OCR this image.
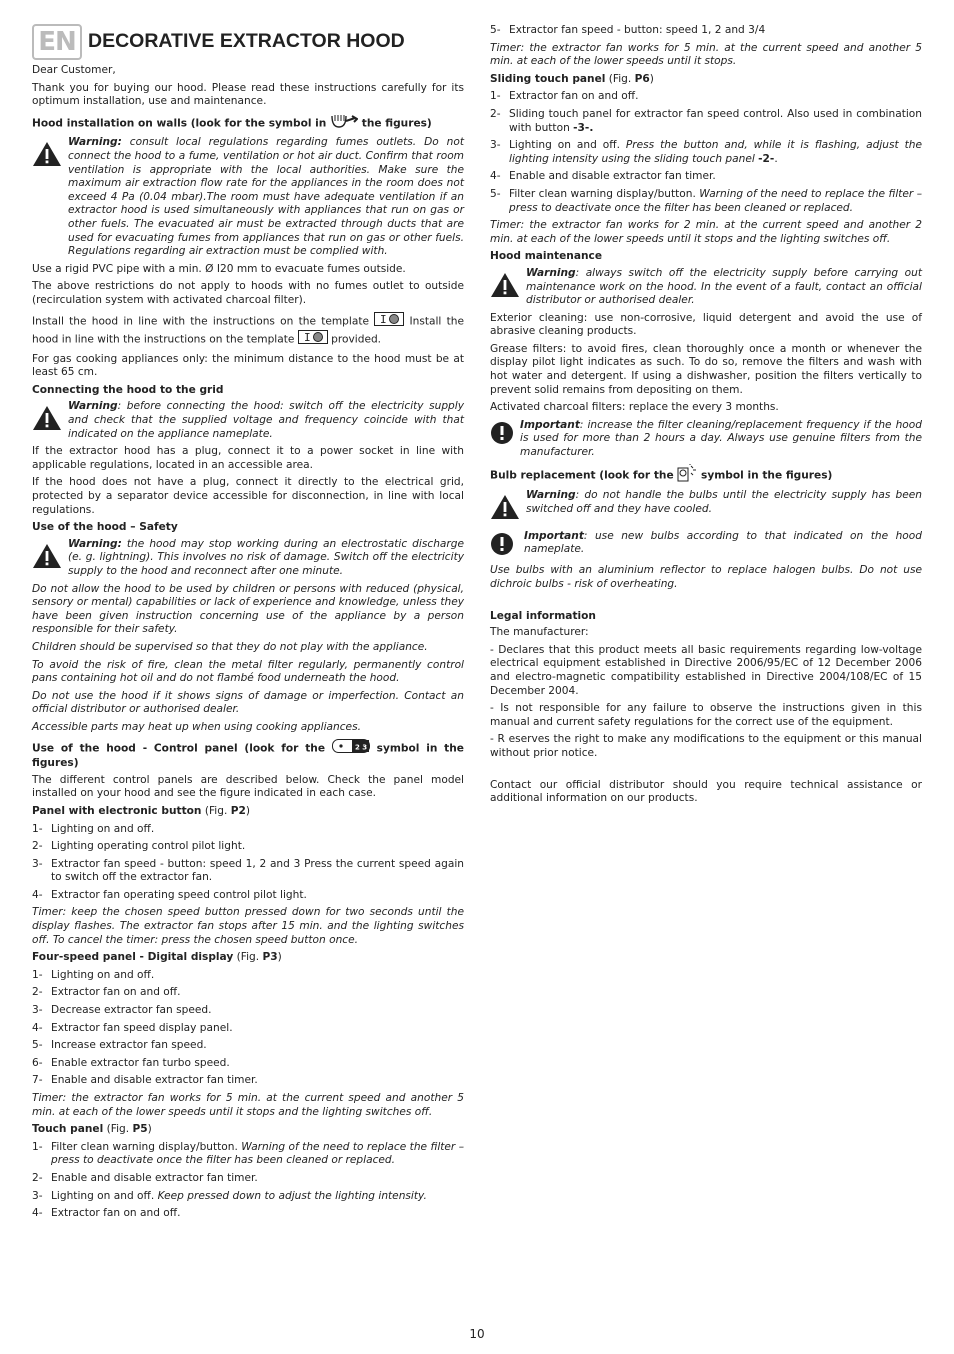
EN DECORATIVE EXTRACTOR HOOD

Dear Customer,

Thank you for buying our hood. Please read these instructions carefully for its optimum installation, use and maintenance.

Hood installation on walls (look for the symbol in	the figures)

Warning: consult local regulations regarding fumes outlets. Do not connect the hood to a fume, ventilation or hot air duct. Confirm that room ventilation is appropriate with the local authorities. Make sure the maximum air extraction flow rate for the appliances in the room does not exceed 4 Pa (0.04 mbar).The room must have adequate ventilation if an extractor hood is used simultaneously with appliances that run on gas or other fuels. The evacuated air must be extracted through ducts that are used for evacuating fumes from appliances that run on gas or other fuels. Regulations regarding air extraction must be complied with.

Use a rigid PVC pipe with a min. Ø I20 mm to evacuate fumes outside.

The above restrictions do not apply to hoods with no fumes outlet to outside (recirculation system with activated charcoal filter).

Install the hood in line with the instructions on the template I Install the hood in line with the instructions on the template I provided.

For gas cooking appliances only: the minimum distance to the hood must be at least 65 cm.

Connecting the hood to the grid

Warning: before connecting the hood: switch off the electricity supply and check that the supplied voltage and frequency coincide with that indicated on the appliance nameplate.

If the extractor hood has a plug, connect it to a power socket in line with applicable regulations, located in an accessible area.

If the hood does not have a plug, connect it directly to the electrical grid, protected by a separator device accessible for disconnection, in line with local regulations.

Use of the hood – Safety

Warning: the hood may stop working during an electrostatic discharge (e. g. lightning). This involves no risk of damage. Switch off the electricity supply to the hood and reconnect after one minute.

Do not allow the hood to be used by children or persons with reduced (physical, sensory or mental) capabilities or lack of experience and knowledge, unless they have been given instruction concerning use of the appliance by a person responsible for their safety.

Children should be supervised so that they do not play with the appliance.

To avoid the risk of fire, clean the metal filter regularly, permanently control pans containing hot oil and do not flambé food underneath the hood.

Do not use the hood if it shows signs of damage or imperfection. Contact an official distributor or authorised dealer.

Accessible parts may heat up when using cooking appliances.

Use of the hood - Control panel (look for the	2 3 symbol in the figures)

The different control panels are described below. Check the panel model installed on your hood and see the figure indicated in each case.

Panel with electronic button (Fig. P2)

1- Lighting on and off.
2- Lighting operating control pilot light.
3- Extractor fan speed - button: speed 1, 2 and 3 Press the current speed again to switch off the extractor fan.
4- Extractor fan operating speed control pilot light.

Timer: keep the chosen speed button pressed down for two seconds until the display flashes. The extractor fan stops after 15 min. and the lighting switches off. To cancel the timer: press the chosen speed button once.

Four-speed panel - Digital display (Fig. P3)

1- Lighting on and off.
2- Extractor fan on and off.
3- Decrease extractor fan speed.
4- Extractor fan speed display panel.
5- Increase extractor fan speed.
6- Enable extractor fan turbo speed.
7- Enable and disable extractor fan timer.

Timer: the extractor fan works for 5 min. at the current speed and another 5 min. at each of the lower speeds until it stops and the lighting switches off.

Touch panel (Fig. P5)

1- Filter clean warning display/button. Warning of the need to replace the filter – press to deactivate once the filter has been cleaned or replaced.
2- Enable and disable extractor fan timer.
3- Lighting on and off. Keep pressed down to adjust the lighting intensity.
4- Extractor fan on and off.
5- Extractor fan speed - button: speed 1, 2 and 3/4

Timer: the extractor fan works for 5 min. at the current speed and another 5 min. at each of the lower speeds until it stops.

Sliding touch panel (Fig. P6)

1- Extractor fan on and off.
2- Sliding touch panel for extractor fan speed control. Also used in combination with button -3-.
3- Lighting on and off. Press the button and, while it is flashing, adjust the lighting intensity using the sliding touch panel -2-.
4- Enable and disable extractor fan timer.
5- Filter clean warning display/button. Warning of the need to replace the filter – press to deactivate once the filter has been cleaned or replaced.

Timer: the extractor fan works for 2 min. at the current speed and another 2 min. at each of the lower speeds until it stops and the lighting switches off.

Hood maintenance

Warning: always switch off the electricity supply before carrying out maintenance work on the hood. In the event of a fault, contact an official distributor or authorised dealer.

Exterior cleaning: use non-corrosive, liquid detergent and avoid the use of abrasive cleaning products.

Grease filters: to avoid fires, clean thoroughly once a month or whenever the display pilot light indicates as such. To do so, remove the filters and wash with hot water and detergent. If using a dishwasher, position the filters vertically to prevent solid remains from depositing on them.

Activated charcoal filters: replace the every 3 months.

Important: increase the filter cleaning/replacement frequency if the hood is used for more than 2 hours a day. Always use genuine filters from the manufacturer.

Bulb replacement (look for the	symbol in the figures)

Warning: do not handle the bulbs until the electricity supply has been switched off and they have cooled.

Important: use new bulbs according to that indicated on the hood nameplate.

Use bulbs with an aluminium reflector to replace halogen bulbs. Do not use dichroic bulbs - risk of overheating.

Legal information

The manufacturer:

- Declares that this product meets all basic requirements regarding low-voltage electrical equipment established in Directive 2006/95/EC of 12 December 2006 and electro-magnetic compatibility established in Directive 2004/108/EC of 15 December 2004.

- Is not responsible for any failure to observe the instructions given in this manual and current safety regulations for the correct use of the equipment.

- R eserves the right to make any modifications to the equipment or this manual without prior notice.

Contact our official distributor should you require technical assistance or additional information on our products.

10
